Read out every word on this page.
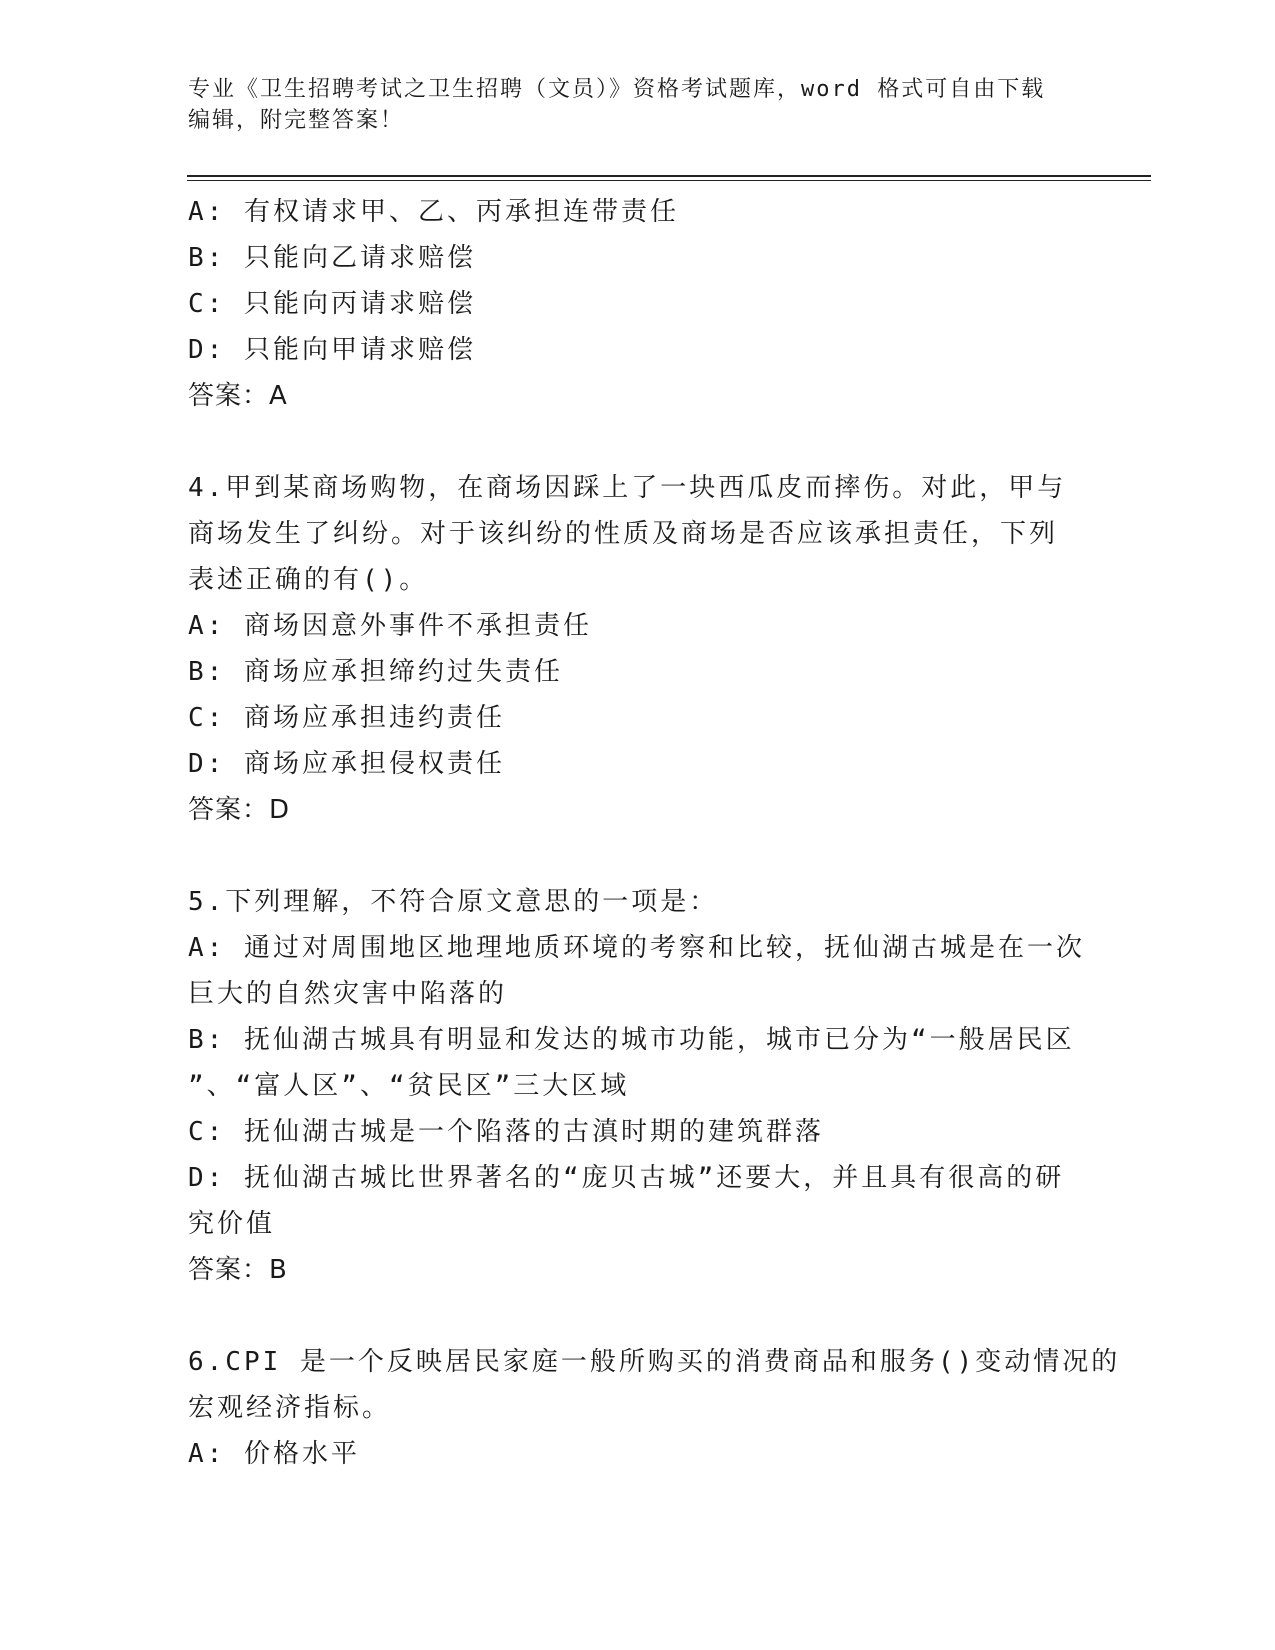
专业《卫生招聘考试之卫生招聘（文员）》资格考试题库，word 格式可自由下载
编辑，附完整答案！
A: 有权请求甲、乙、丙承担连带责任
B: 只能向乙请求赔偿
C: 只能向丙请求赔偿
D: 只能向甲请求赔偿
答案：A
4.甲到某商场购物，在商场因踩上了一块西瓜皮而摔伤。对此，甲与
商场发生了纠纷。对于该纠纷的性质及商场是否应该承担责任，下列
表述正确的有()。
A: 商场因意外事件不承担责任
B: 商场应承担缔约过失责任
C: 商场应承担违约责任
D: 商场应承担侵权责任
答案：D
5.下列理解，不符合原文意思的一项是：
A: 通过对周围地区地理地质环境的考察和比较，抚仙湖古城是在一次
巨大的自然灾害中陷落的
B: 抚仙湖古城具有明显和发达的城市功能，城市已分为“一般居民区
”、“富人区”、“贫民区”三大区域
C: 抚仙湖古城是一个陷落的古滇时期的建筑群落
D: 抚仙湖古城比世界著名的“庞贝古城”还要大，并且具有很高的研
究价值
答案：B
6.CPI 是一个反映居民家庭一般所购买的消费商品和服务()变动情况的
宏观经济指标。
A: 价格水平
